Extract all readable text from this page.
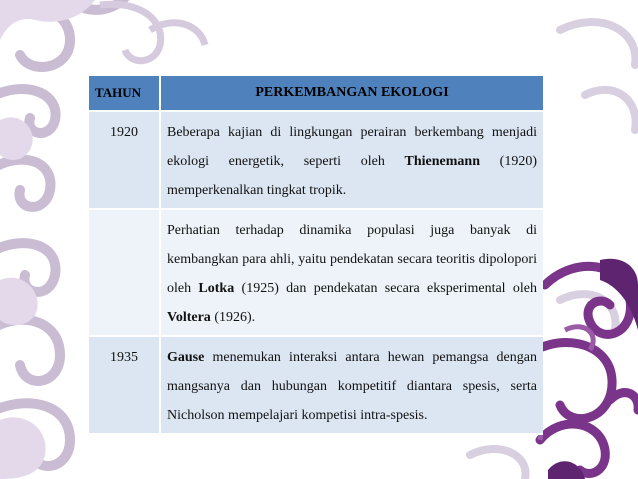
TAHUN	PERKEMBANGAN EKOLOGI
1920	Beberapa kajian di lingkungan perairan berkembang menjadi ekologi energetik, seperti oleh Thienemann (1920) memperkenalkan tingkat tropik.
	Perhatian terhadap dinamika populasi juga banyak di kembangkan para ahli, yaitu pendekatan secara teoritis dipolopori oleh Lotka (1925) dan pendekatan secara eksperimental oleh Voltera (1926).
1935	Gause menemukan interaksi antara hewan pemangsa dengan mangsanya dan hubungan kompetitif diantara spesis, serta Nicholson mempelajari kompetisi intra-spesis.
